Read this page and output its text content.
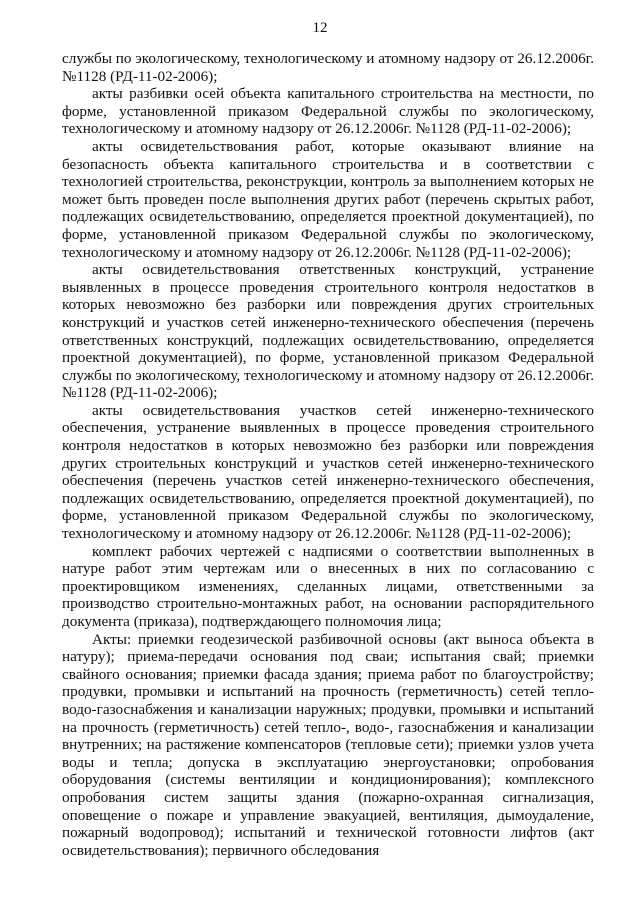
12

службы по экологическому, технологическому и атомному надзору от 26.12.2006г. №1128 (РД-11-02-2006);

акты разбивки осей объекта капитального строительства на местности, по форме, установленной приказом Федеральной службы по экологическому, технологическому и атомному надзору от 26.12.2006г. №1128 (РД-11-02-2006);

акты освидетельствования работ, которые оказывают влияние на безопасность объекта капитального строительства и в соответствии с технологией строительства, реконструкции, контроль за выполнением которых не может быть проведен после выполнения других работ (перечень скрытых работ, подлежащих освидетельствованию, определяется проектной документацией), по форме, установленной приказом Федеральной службы по экологическому, технологическому и атомному надзору от 26.12.2006г. №1128 (РД-11-02-2006);

акты освидетельствования ответственных конструкций, устранение выявленных в процессе проведения строительного контроля недостатков в которых невозможно без разборки или повреждения других строительных конструкций и участков сетей инженерно-технического обеспечения (перечень ответственных конструкций, подлежащих освидетельствованию, определяется проектной документацией), по форме, установленной приказом Федеральной службы по экологическому, технологическому и атомному надзору от 26.12.2006г. №1128 (РД-11-02-2006);

акты освидетельствования участков сетей инженерно-технического обеспечения, устранение выявленных в процессе проведения строительного контроля недостатков в которых невозможно без разборки или повреждения других строительных конструкций и участков сетей инженерно-технического обеспечения (перечень участков сетей инженерно-технического обеспечения, подлежащих освидетельствованию, определяется проектной документацией), по форме, установленной приказом Федеральной службы по экологическому, технологическому и атомному надзору от 26.12.2006г. №1128 (РД-11-02-2006);

комплект рабочих чертежей с надписями о соответствии выполненных в натуре работ этим чертежам или о внесенных в них по согласованию с проектировщиком изменениях, сделанных лицами, ответственными за производство строительно-монтажных работ, на основании распорядительного документа (приказа), подтверждающего полномочия лица;

Акты: приемки геодезической разбивочной основы (акт выноса объекта в натуру); приема-передачи основания под сваи; испытания свай; приемки свайного основания; приемки фасада здания; приема работ по благоустройству; продувки, промывки и испытаний на прочность (герметичность) сетей тепло-водо-газоснабжения и канализации наружных; продувки, промывки и испытаний на прочность (герметичность) сетей тепло-, водо-, газоснабжения и канализации внутренних; на растяжение компенсаторов (тепловые сети); приемки узлов учета воды и тепла; допуска в эксплуатацию энергоустановки; опробования оборудования (системы вентиляции и кондиционирования); комплексного опробования систем защиты здания (пожарно-охранная сигнализация, оповещение о пожаре и управление эвакуацией, вентиляция, дымоудаление, пожарный водопровод); испытаний и технической готовности лифтов (акт освидетельствования); первичного обследования
